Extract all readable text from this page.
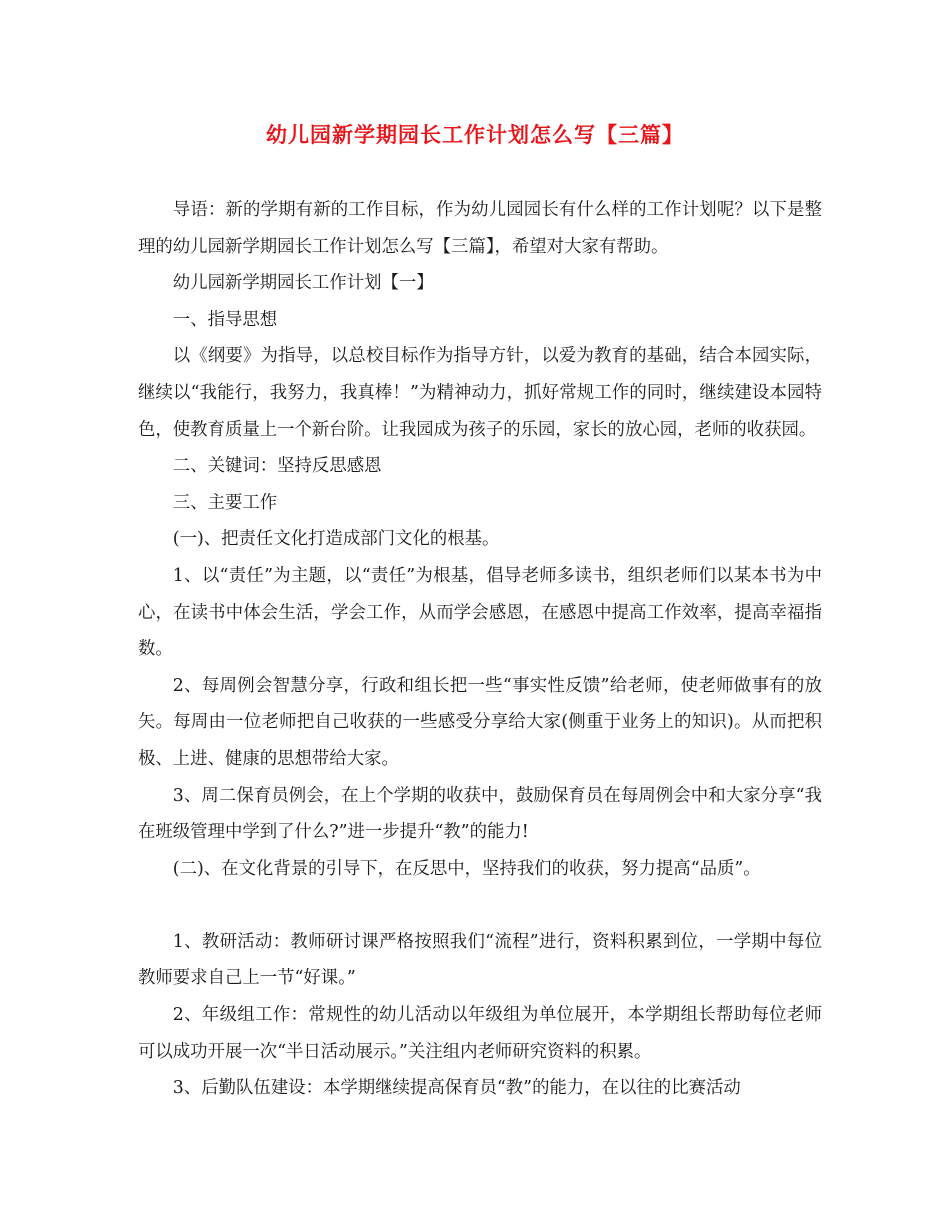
幼儿园新学期园长工作计划怎么写【三篇】

导语：新的学期有新的工作目标，作为幼儿园园长有什么样的工作计划呢？以下是整理的幼儿园新学期园长工作计划怎么写【三篇】，希望对大家有帮助。

幼儿园新学期园长工作计划【一】

一、指导思想

以《纲要》为指导，以总校目标作为指导方针，以爱为教育的基础，结合本园实际，继续以“我能行，我努力，我真棒！”为精神动力，抓好常规工作的同时，继续建设本园特色，使教育质量上一个新台阶。让我园成为孩子的乐园，家长的放心园，老师的收获园。

二、关键词：坚持反思感恩

三、主要工作

(一)、把责任文化打造成部门文化的根基。

1、以“责任”为主题，以“责任”为根基，倡导老师多读书，组织老师们以某本书为中心，在读书中体会生活，学会工作，从而学会感恩，在感恩中提高工作效率，提高幸福指数。

2、每周例会智慧分享，行政和组长把一些“事实性反馈”给老师，使老师做事有的放矢。每周由一位老师把自己收获的一些感受分享给大家(侧重于业务上的知识)。从而把积极、上进、健康的思想带给大家。

3、周二保育员例会，在上个学期的收获中，鼓励保育员在每周例会中和大家分享“我在班级管理中学到了什么?”进一步提升“教”的能力!

(二)、在文化背景的引导下，在反思中，坚持我们的收获，努力提高“品质”。

1、教研活动：教师研讨课严格按照我们“流程”进行，资料积累到位，一学期中每位教师要求自己上一节“好课。”

2、年级组工作：常规性的幼儿活动以年级组为单位展开，本学期组长帮助每位老师可以成功开展一次“半日活动展示。”关注组内老师研究资料的积累。

3、后勤队伍建设：本学期继续提高保育员“教”的能力，在以往的比赛活动
